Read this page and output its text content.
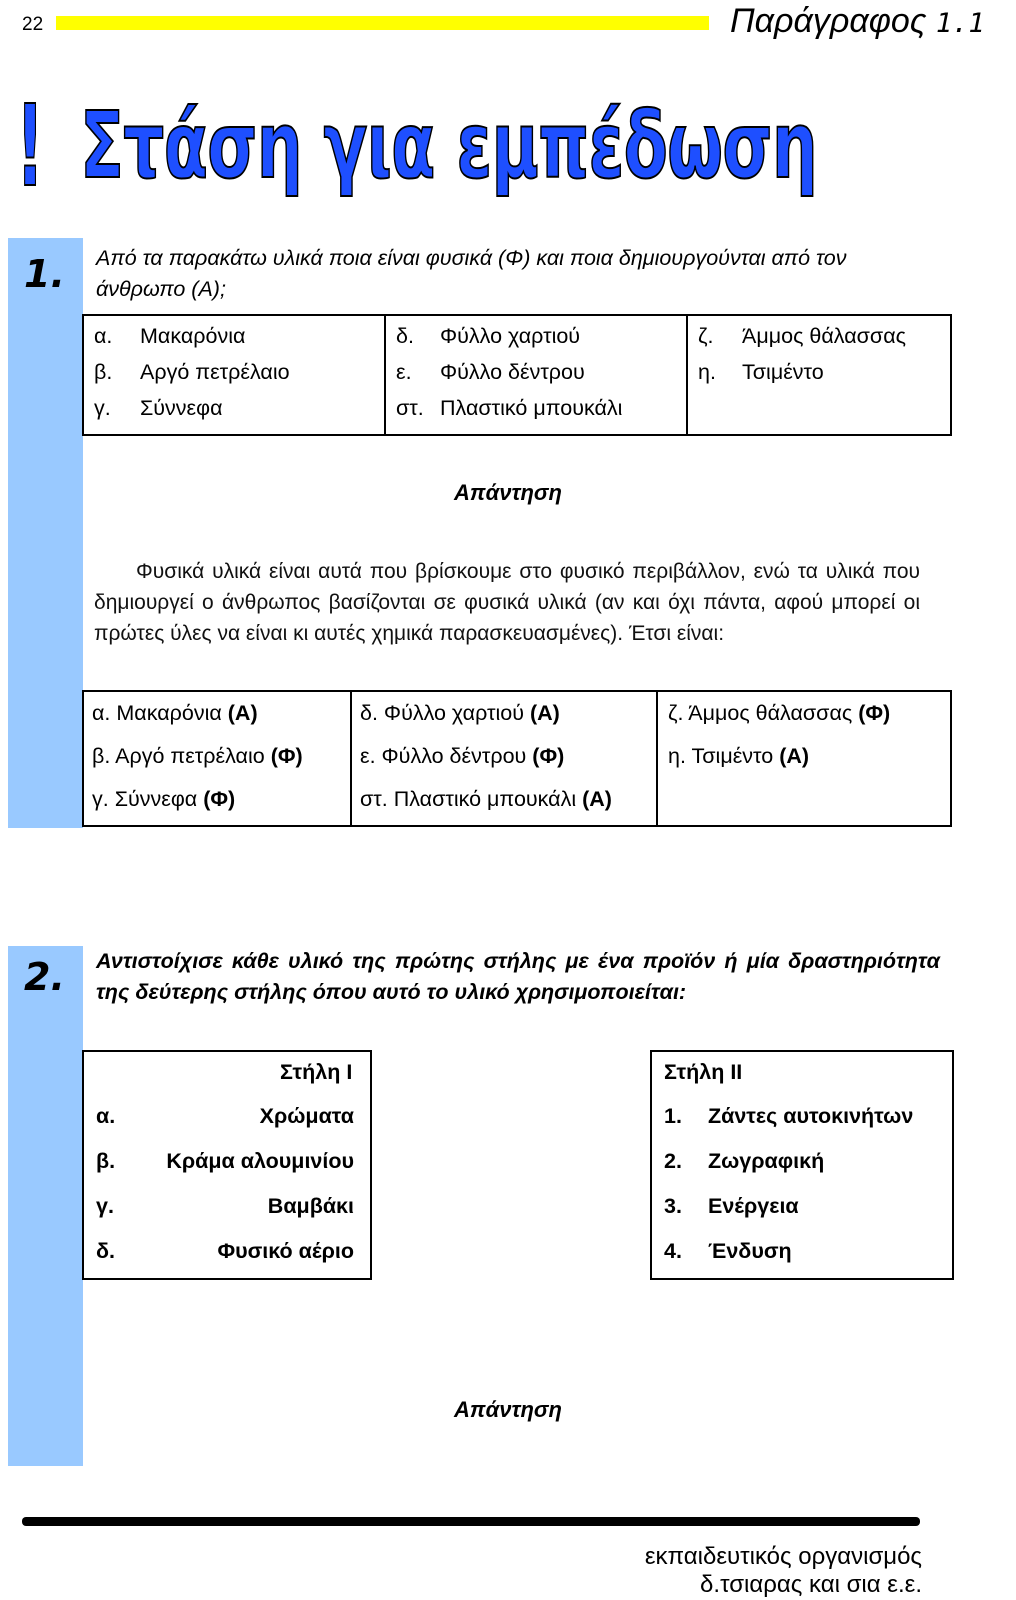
22	Παράγραφος 1.1
! Στάση για εμπέδωση
1. Από τα παρακάτω υλικά ποια είναι φυσικά (Φ) και ποια δημιουργούνται από τον άνθρωπο (Α);
α. Μακαρόνια
β. Αργό πετρέλαιο
γ. Σύννεφα

δ. Φύλλο χαρτιού
ε. Φύλλο δέντρου
στ. Πλαστικό μπουκάλι

ζ. Άμμος θάλασσας
η. Τσιμέντο
Απάντηση
Φυσικά υλικά είναι αυτά που βρίσκουμε στο φυσικό περιβάλλον, ενώ τα υλικά που δημιουργεί ο άνθρωπος βασίζονται σε φυσικά υλικά (αν και όχι πάντα, αφού μπορεί οι πρώτες ύλες να είναι κι αυτές χημικά παρασκευασμένες). Έτσι είναι:
α. Μακαρόνια (Α)
β. Αργό πετρέλαιο (Φ)
γ. Σύννεφα (Φ)

δ. Φύλλο χαρτιού (Α)
ε. Φύλλο δέντρου (Φ)
στ. Πλαστικό μπουκάλι (Α)

ζ. Άμμος θάλασσας (Φ)
η. Τσιμέντο (Α)
2. Αντιστοίχισε κάθε υλικό της πρώτης στήλης με ένα προϊόν ή μία δραστηριότητα της δεύτερης στήλης όπου αυτό το υλικό χρησιμοποιείται:
Στήλη Ι
α.	Χρώματα
β. Κράμα αλουμινίου
γ.	Βαμβάκι
δ.	Φυσικό αέριο
Στήλη ΙΙ
1. Ζάντες αυτοκινήτων
2. Ζωγραφική
3. Ενέργεια
4. Ένδυση
Απάντηση
εκπαιδευτικός οργανισμός
δ.τσιαρας και σια ε.ε.
